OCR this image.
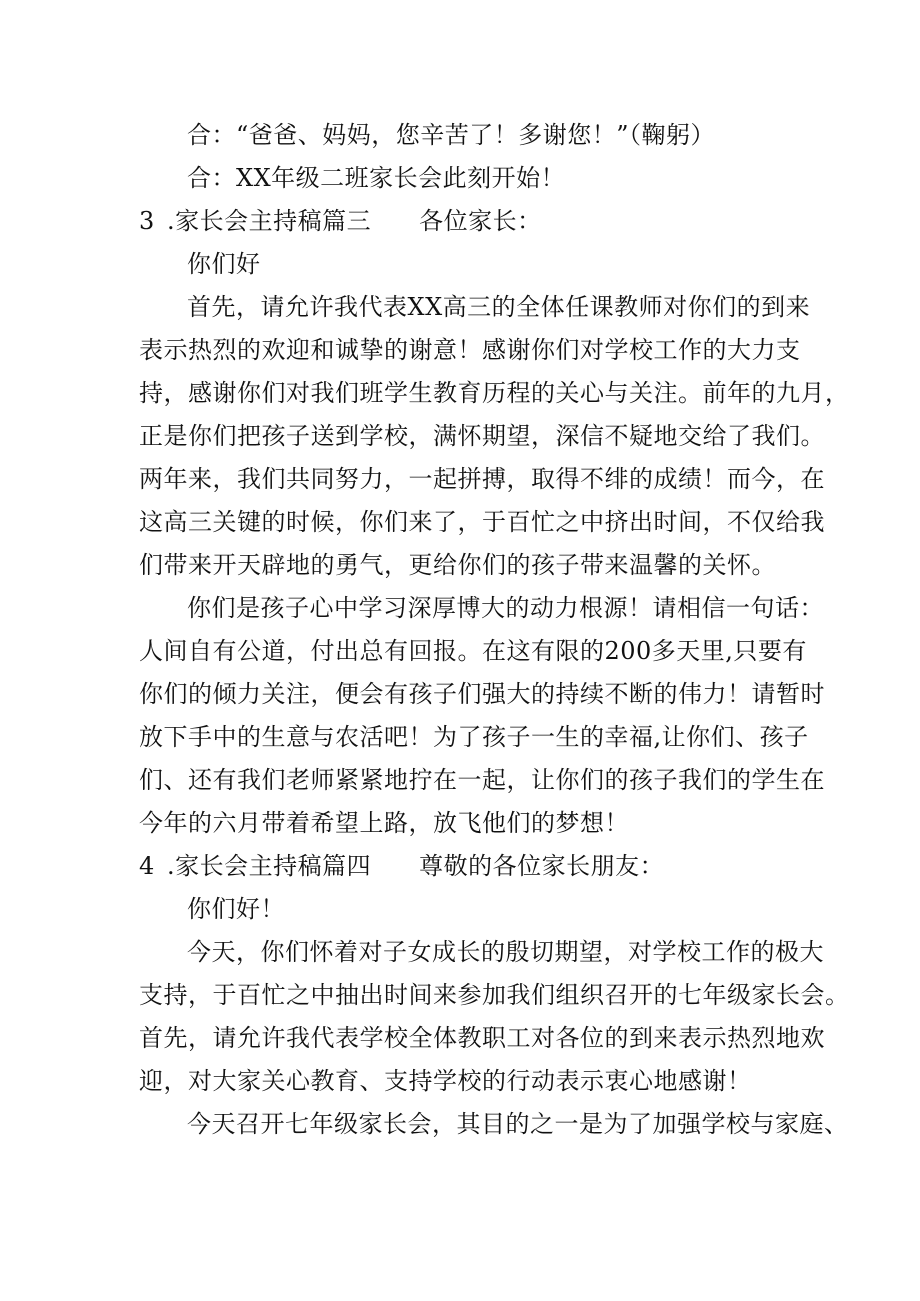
合：“爸爸、妈妈，您辛苦了！多谢您！”（鞠躬）
合：XX年级二班家长会此刻开始！
3 .家长会主持稿篇三 各位家长：
你们好
首先，请允许我代表XX高三的全体任课教师对你们的到来
表示热烈的欢迎和诚挚的谢意！感谢你们对学校工作的大力支
持，感谢你们对我们班学生教育历程的关心与关注。前年的九月，
正是你们把孩子送到学校，满怀期望，深信不疑地交给了我们。
两年来，我们共同努力，一起拼搏，取得不绯的成绩！而今，在
这高三关键的时候，你们来了，于百忙之中挤出时间，不仅给我
们带来开天辟地的勇气，更给你们的孩子带来温馨的关怀。
你们是孩子心中学习深厚博大的动力根源！请相信一句话：
人间自有公道，付出总有回报。在这有限的200多天里,只要有
你们的倾力关注，便会有孩子们强大的持续不断的伟力！请暂时
放下手中的生意与农活吧！为了孩子一生的幸福,让你们、孩子
们、还有我们老师紧紧地拧在一起，让你们的孩子我们的学生在
今年的六月带着希望上路，放飞他们的梦想！
4 .家长会主持稿篇四 尊敬的各位家长朋友：
你们好！
今天，你们怀着对子女成长的殷切期望，对学校工作的极大
支持，于百忙之中抽出时间来参加我们组织召开的七年级家长会。
首先，请允许我代表学校全体教职工对各位的到来表示热烈地欢
迎，对大家关心教育、支持学校的行动表示衷心地感谢！
今天召开七年级家长会，其目的之一是为了加强学校与家庭、
